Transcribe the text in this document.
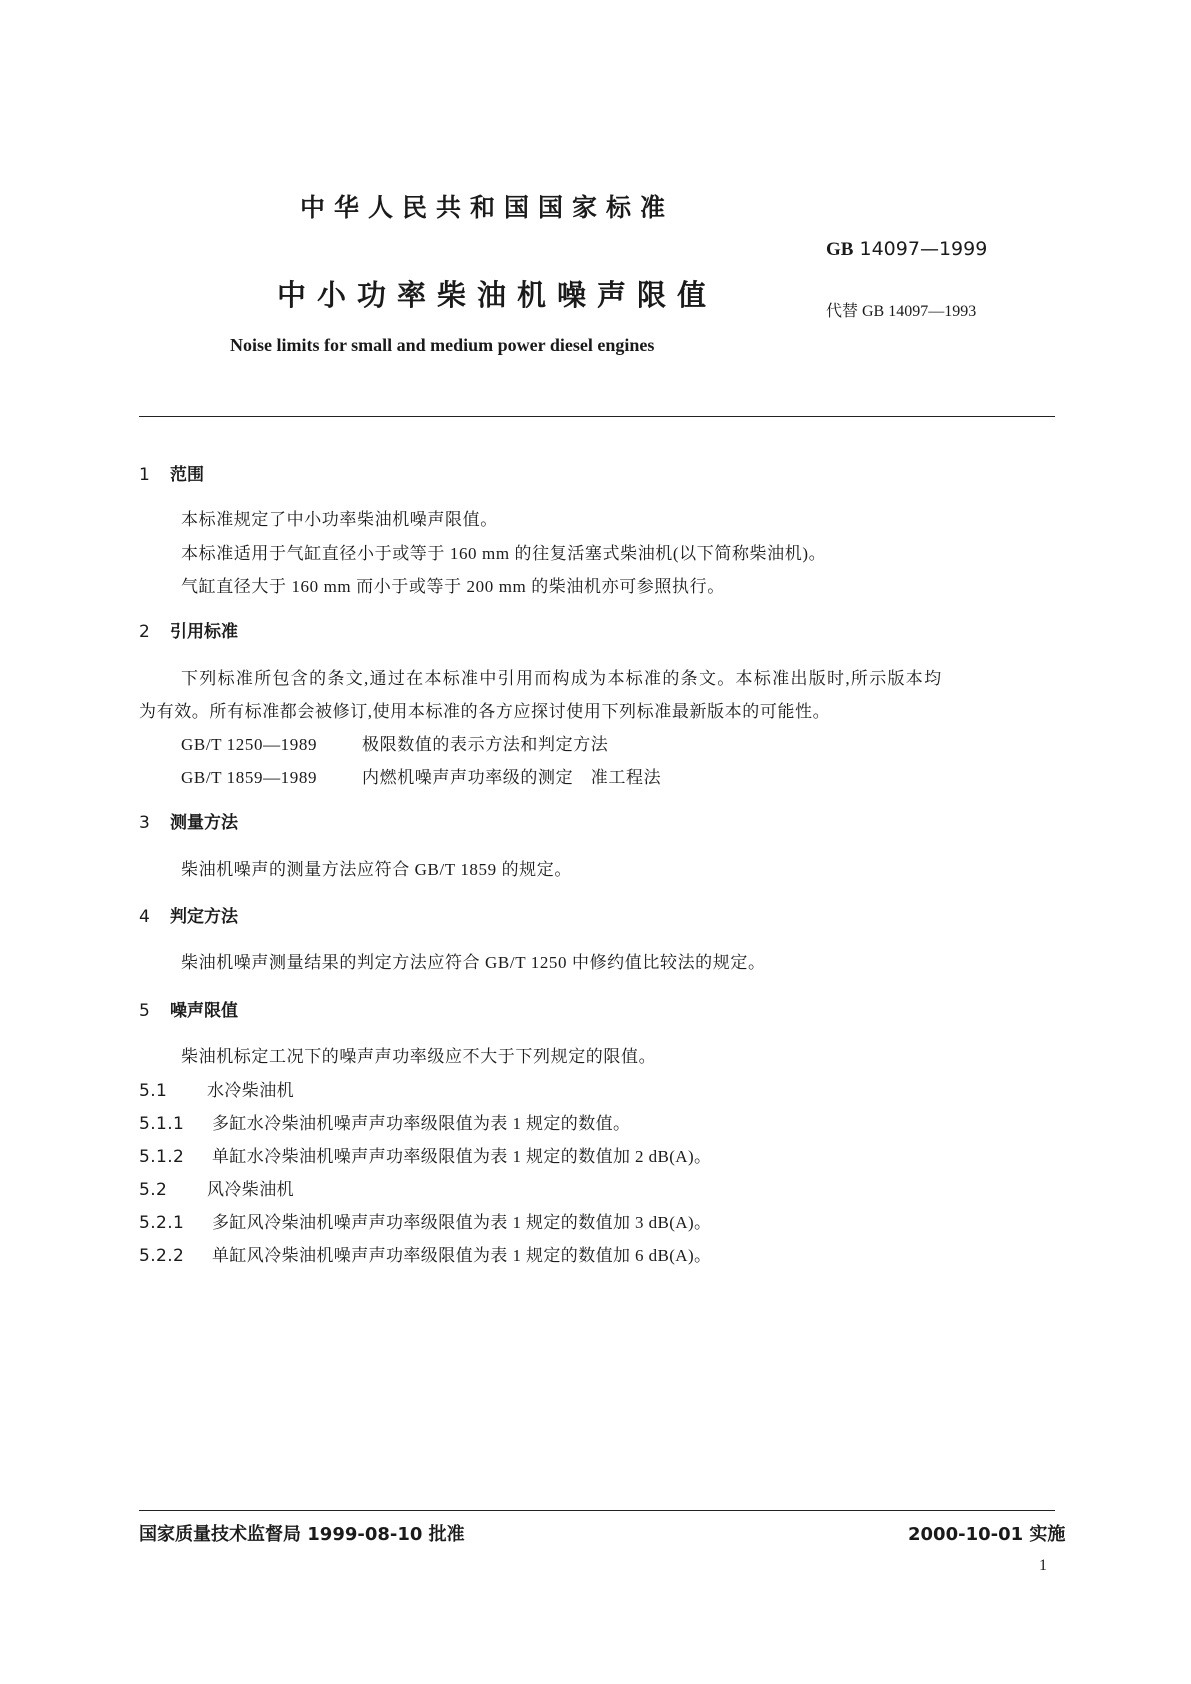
中华人民共和国国家标准
GB 14097—1999
中小功率柴油机噪声限值	代替 GB 14097—1993
Noise limits for small and medium power diesel engines
1 范围
本标准规定了中小功率柴油机噪声限值。
本标准适用于气缸直径小于或等于 160 mm 的往复活塞式柴油机(以下简称柴油机)。
气缸直径大于 160 mm 而小于或等于 200 mm 的柴油机亦可参照执行。
2 引用标准
下列标准所包含的条文,通过在本标准中引用而构成为本标准的条文。本标准出版时,所示版本均
为有效。所有标准都会被修订,使用本标准的各方应探讨使用下列标准最新版本的可能性。
GB/T 1250—1989	极限数值的表示方法和判定方法
GB/T 1859—1989	内燃机噪声声功率级的测定　准工程法
3 测量方法
柴油机噪声的测量方法应符合 GB/T 1859 的规定。
4 判定方法
柴油机噪声测量结果的判定方法应符合 GB/T 1250 中修约值比较法的规定。
5 噪声限值
柴油机标定工况下的噪声声功率级应不大于下列规定的限值。
5.1 水冷柴油机
5.1.1 多缸水冷柴油机噪声声功率级限值为表 1 规定的数值。
5.1.2 单缸水冷柴油机噪声声功率级限值为表 1 规定的数值加 2 dB(A)。
5.2 风冷柴油机
5.2.1 多缸风冷柴油机噪声声功率级限值为表 1 规定的数值加 3 dB(A)。
5.2.2 单缸风冷柴油机噪声声功率级限值为表 1 规定的数值加 6 dB(A)。
国家质量技术监督局 1999-08-10 批准	2000-10-01 实施
1
